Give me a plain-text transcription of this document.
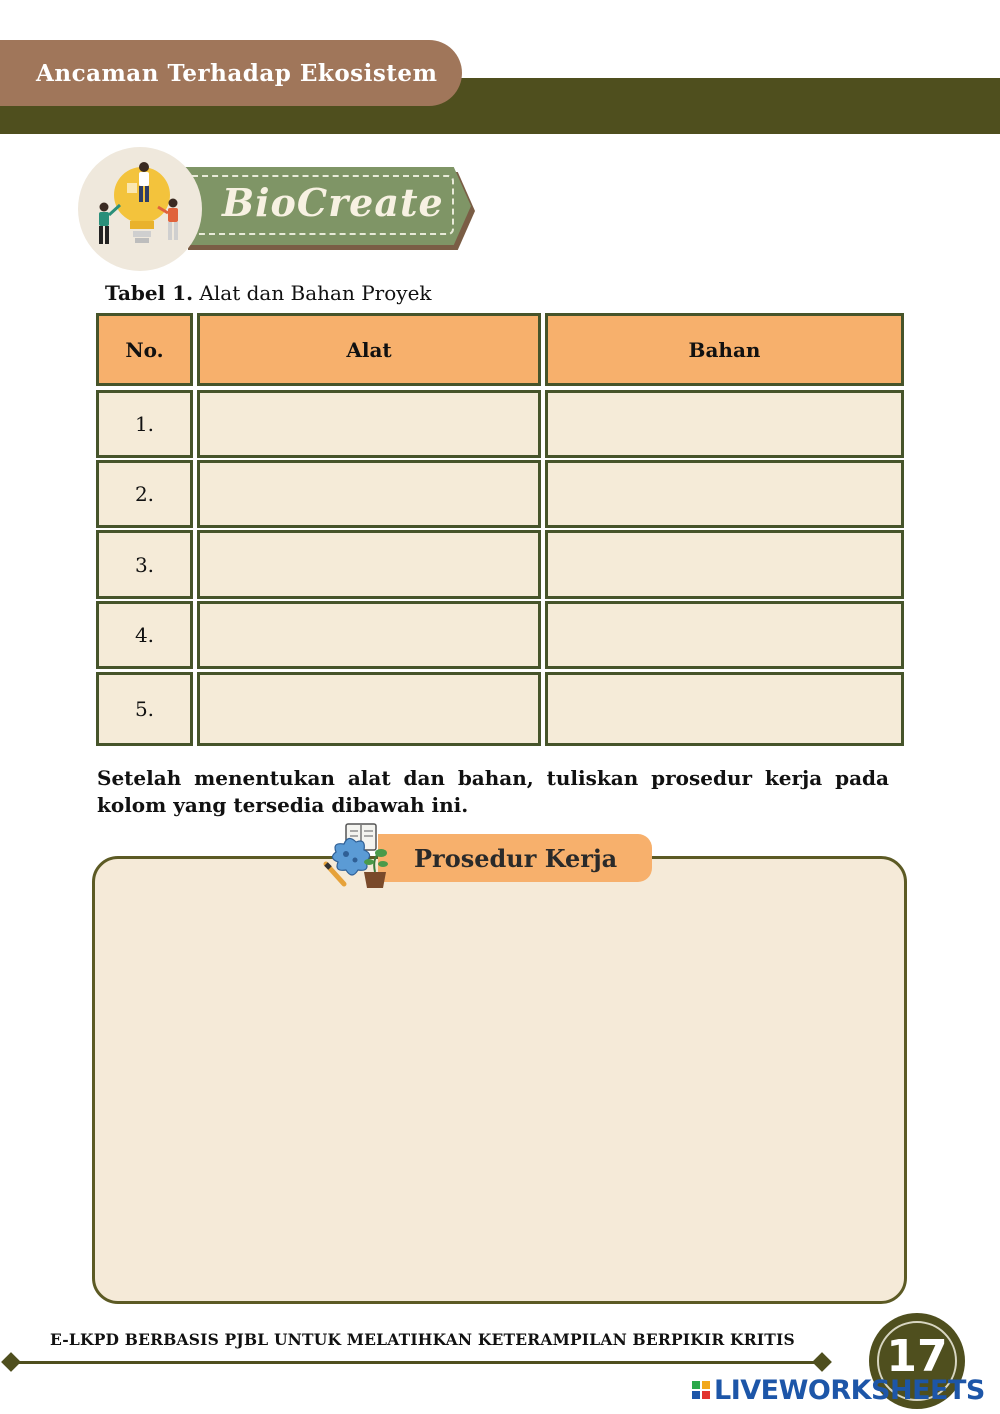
Ancaman Terhadap Ekosistem
BioCreate
Tabel 1. Alat dan Bahan Proyek
No.	Alat	Bahan
1.
2.
3.
4.
5.
Setelah menentukan alat dan bahan, tuliskan prosedur kerja pada kolom yang tersedia dibawah ini.
Prosedur Kerja
E-LKPD BERBASIS PJBL UNTUK MELATIHKAN KETERAMPILAN BERPIKIR KRITIS	17
LIVEWORKSHEETS
